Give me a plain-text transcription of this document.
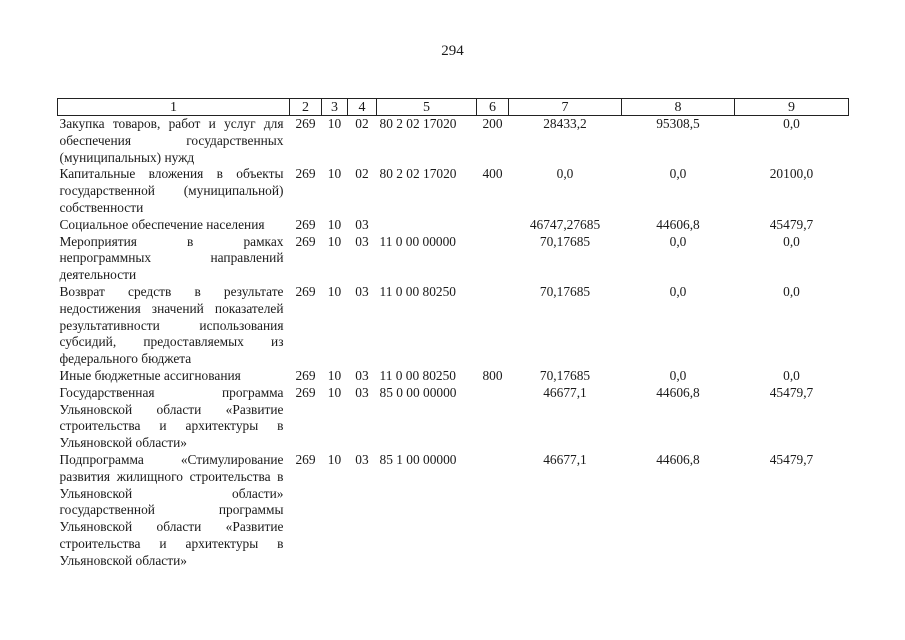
294
1	2	3	4	5	6	7	8	9
Закупка товаров, работ и услуг для обеспечения государственных (муниципальных) нужд	269	10	02	80 2 02 17020	200	28433,2	95308,5	0,0
Капитальные вложения в объекты государственной (муниципальной) собственности	269	10	02	80 2 02 17020	400	0,0	0,0	20100,0
Социальное обеспечение населения	269	10	03			46747,27685	44606,8	45479,7
Мероприятия в рамках непрограммных направлений деятельности	269	10	03	11 0 00 00000		70,17685	0,0	0,0
Возврат средств в результате недостижения значений показателей результативности использования субсидий, предоставляемых из федерального бюджета	269	10	03	11 0 00 80250		70,17685	0,0	0,0
Иные бюджетные ассигнования	269	10	03	11 0 00 80250	800	70,17685	0,0	0,0
Государственная программа Ульяновской области «Развитие строительства и архитектуры в Ульяновской области»	269	10	03	85 0 00 00000		46677,1	44606,8	45479,7
Подпрограмма «Стимулирование развития жилищного строительства в Ульяновской области» государственной программы Ульяновской области «Развитие строительства и архитектуры в Ульяновской области»	269	10	03	85 1 00 00000		46677,1	44606,8	45479,7
